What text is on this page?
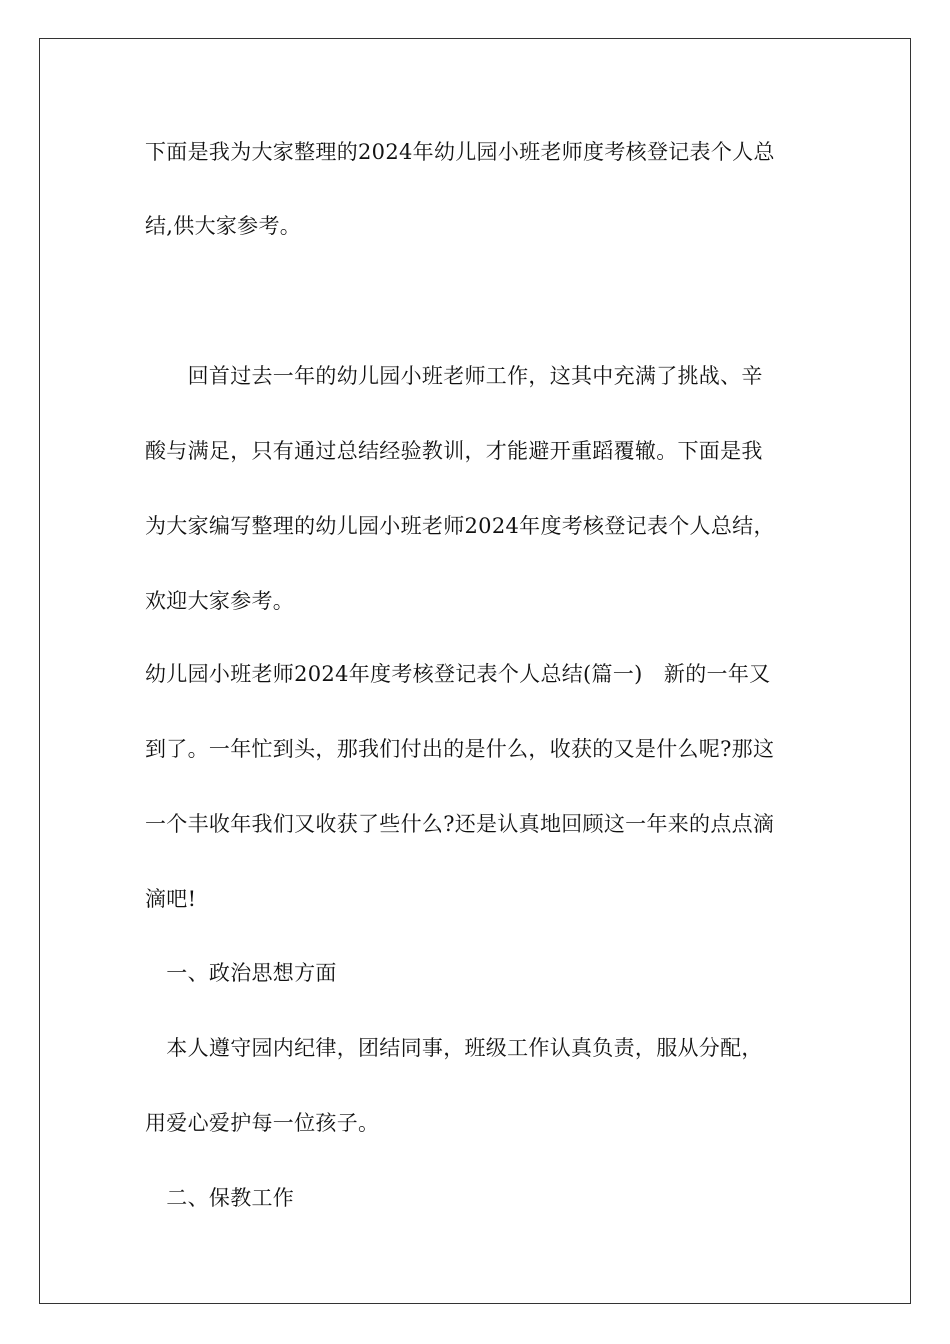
下面是我为大家整理的2024年幼儿园小班老师度考核登记表个人总
结,供大家参考。
　　回首过去一年的幼儿园小班老师工作，这其中充满了挑战、辛
酸与满足，只有通过总结经验教训，才能避开重蹈覆辙。下面是我
为大家编写整理的幼儿园小班老师2024年度考核登记表个人总结，
欢迎大家参考。
幼儿园小班老师2024年度考核登记表个人总结(篇一)　新的一年又
到了。一年忙到头，那我们付出的是什么，收获的又是什么呢?那这
一个丰收年我们又收获了些什么?还是认真地回顾这一年来的点点滴
滴吧!
　一、政治思想方面
　本人遵守园内纪律，团结同事，班级工作认真负责，服从分配，
用爱心爱护每一位孩子。
　二、保教工作
